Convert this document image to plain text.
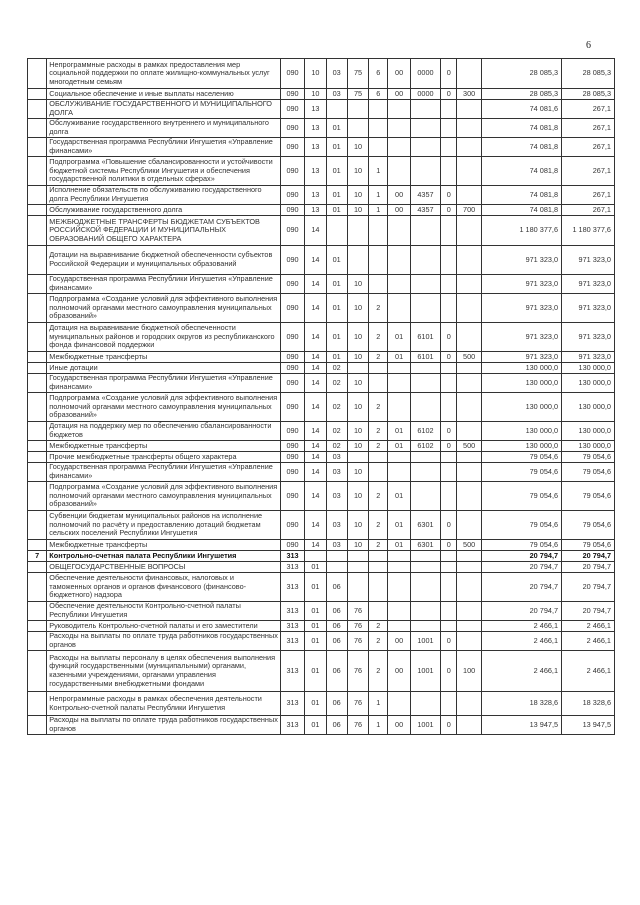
6
	Непрограммные расходы в рамках предоставления мер социальной поддержки по оплате жилищно-коммунальных услуг многодетным семьям	090	10	03	75	6	00	0000	0		28 085,3	28 085,3
	Социальное обеспечение и иные выплаты населению	090	10	03	75	6	00	0000	0	300	28 085,3	28 085,3
	ОБСЛУЖИВАНИЕ ГОСУДАРСТВЕННОГО И МУНИЦИПАЛЬНОГО ДОЛГА	090	13								74 081,6	267,1
	Обслуживание государственного внутреннего и муниципального долга	090	13	01							74 081,8	267,1
	Государственная программа Республики Ингушетия «Управление финансами»	090	13	01	10						74 081,8	267,1
	Подпрограмма «Повышение сбалансированности и устойчивости бюджетной системы Республики Ингушетия и обеспечения государственной политики в отдельных сферах»	090	13	01	10	1					74 081,8	267,1
	Исполнение обязательств по обслуживанию государственного долга Республики Ингушетия	090	13	01	10	1	00	4357	0		74 081,8	267,1
	Обслуживание государственного долга	090	13	01	10	1	00	4357	0	700	74 081,8	267,1
	МЕЖБЮДЖЕТНЫЕ ТРАНСФЕРТЫ БЮДЖЕТАМ СУБЪЕКТОВ РОССИЙСКОЙ ФЕДЕРАЦИИ И МУНИЦИПАЛЬНЫХ ОБРАЗОВАНИЙ ОБЩЕГО ХАРАКТЕРА	090	14								1 180 377,6	1 180 377,6
	Дотации на выравнивание бюджетной обеспеченности субъектов Российской Федерации и муниципальных образований	090	14	01							971 323,0	971 323,0
	Государственная программа Республики Ингушетия «Управление финансами»	090	14	01	10						971 323,0	971 323,0
	Подпрограмма «Создание условий для эффективного выполнения полномочий органами местного самоуправления муниципальных образований»	090	14	01	10	2					971 323,0	971 323,0
	Дотация на выравнивание бюджетной обеспеченности муниципальных районов и городских округов из республиканского фонда финансовой поддержки	090	14	01	10	2	01	6101	0		971 323,0	971 323,0
	Межбюджетные трансферты	090	14	01	10	2	01	6101	0	500	971 323,0	971 323,0
	Иные дотации	090	14	02							130 000,0	130 000,0
	Государственная программа Республики Ингушетия «Управление финансами»	090	14	02	10						130 000,0	130 000,0
	Подпрограмма «Создание условий для эффективного выполнения полномочий органами местного самоуправления муниципальных образований»	090	14	02	10	2					130 000,0	130 000,0
	Дотация на поддержку мер по обеспечению сбалансированности бюджетов	090	14	02	10	2	01	6102	0		130 000,0	130 000,0
	Межбюджетные трансферты	090	14	02	10	2	01	6102	0	500	130 000,0	130 000,0
	Прочие межбюджетные трансферты общего характера	090	14	03							79 054,6	79 054,6
	Государственная программа Республики Ингушетия «Управление финансами»	090	14	03	10						79 054,6	79 054,6
	Подпрограмма «Создание условий для эффективного выполнения полномочий органами местного самоуправления муниципальных образований»	090	14	03	10	2	01				79 054,6	79 054,6
	Субвенции бюджетам муниципальных районов на исполнение полномочий по расчёту и предоставлению дотаций бюджетам сельских поселений Республики Ингушетия	090	14	03	10	2	01	6301	0		79 054,6	79 054,6
	Межбюджетные трансферты	090	14	03	10	2	01	6301	0	500	79 054,6	79 054,6
7	Контрольно-счетная палата Республики Ингушетия	313									20 794,7	20 794,7
	ОБЩЕГОСУДАРСТВЕННЫЕ ВОПРОСЫ	313	01								20 794,7	20 794,7
	Обеспечение деятельности финансовых, налоговых и таможенных органов и органов финансового (финансово-бюджетного) надзора	313	01	06							20 794,7	20 794,7
	Обеспечение деятельности Контрольно-счетной палаты Республики Ингушетия	313	01	06	76						20 794,7	20 794,7
	Руководитель Контрольно-счетной палаты и его заместители	313	01	06	76	2					2 466,1	2 466,1
	Расходы на выплаты по оплате труда работников государственных органов	313	01	06	76	2	00	1001	0		2 466,1	2 466,1
	Расходы на выплаты персоналу в целях обеспечения выполнения функций государственными (муниципальными) органами, казенными учреждениями, органами управления государственными внебюджетными фондами	313	01	06	76	2	00	1001	0	100	2 466,1	2 466,1
	Непрограммные расходы в рамках обеспечения деятельности Контрольно-счетной палаты Республики Ингушетия	313	01	06	76	1					18 328,6	18 328,6
	Расходы на выплаты по оплате труда работников государственных органов	313	01	06	76	1	00	1001	0		13 947,5	13 947,5
